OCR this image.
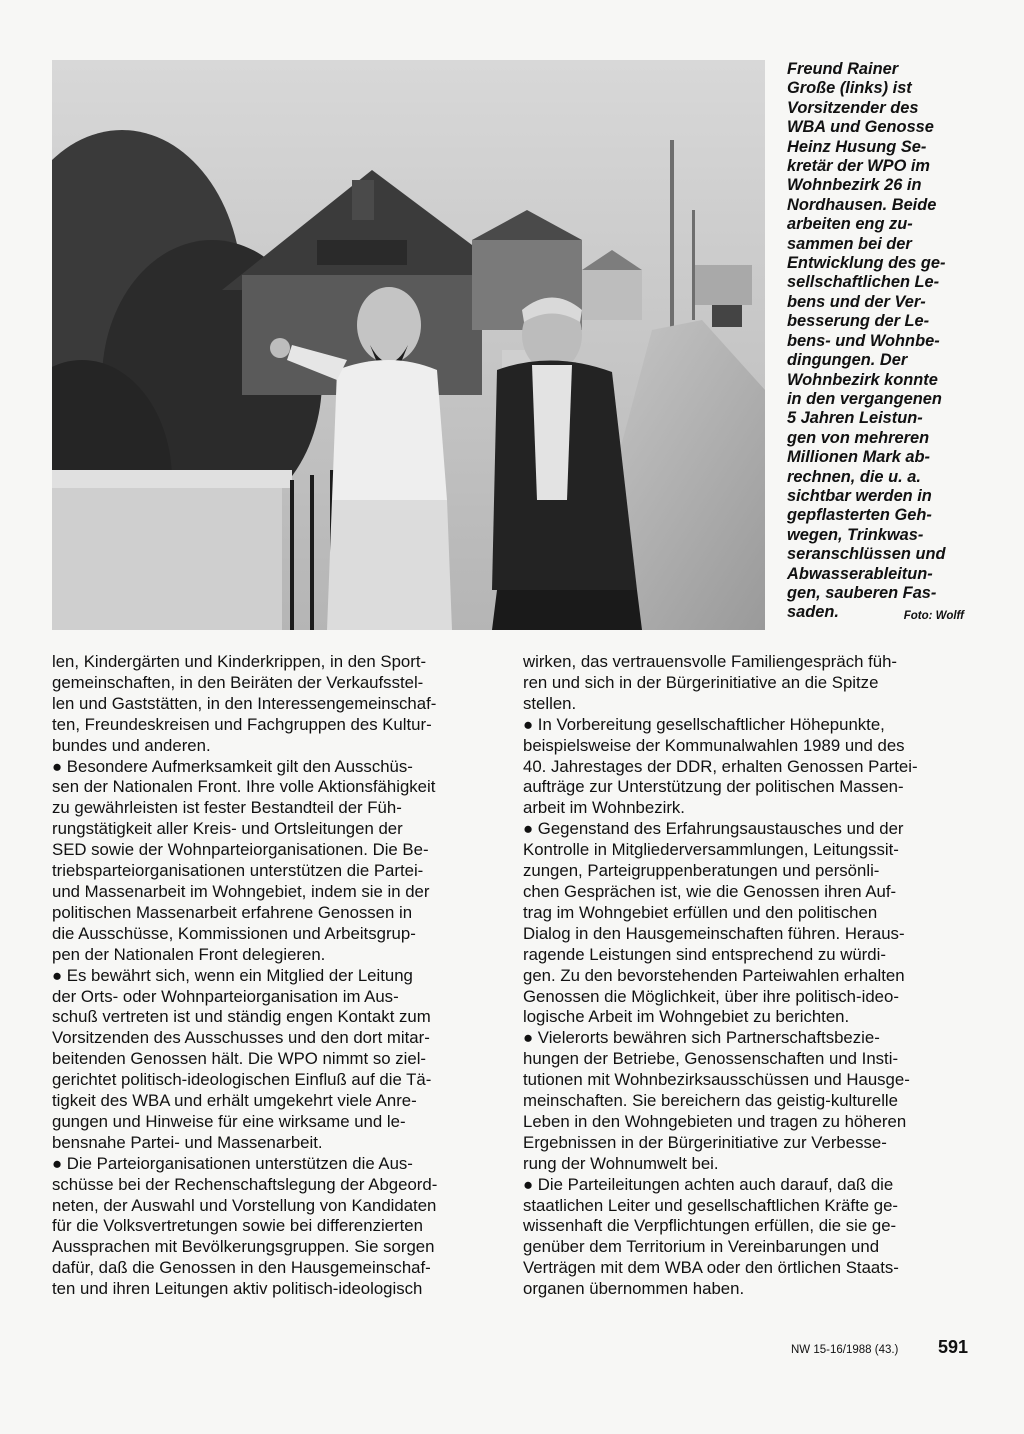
Freund Rainer
Große (links) ist
Vorsitzender des
WBA und Genosse
Heinz Husung Se-
kretär der WPO im
Wohnbezirk 26 in
Nordhausen. Beide
arbeiten eng zu-
sammen bei der
Entwicklung des ge-
sellschaftlichen Le-
bens und der Ver-
besserung der Le-
bens- und Wohnbe-
dingungen. Der
Wohnbezirk konnte
in den vergangenen
5 Jahren Leistun-
gen von mehreren
Millionen Mark ab-
rechnen, die u. a.
sichtbar werden in
gepflasterten Geh-
wegen, Trinkwas-
seranschlüssen und
Abwasserableitun-
gen, sauberen Fas-
saden.	Foto: Wolff

len, Kindergärten und Kinderkrippen, in den Sport-
gemeinschaften, in den Beiräten der Verkaufsstel-
len und Gaststätten, in den Interessengemeinschaf-
ten, Freundeskreisen und Fachgruppen des Kultur-
bundes und anderen.
● Besondere Aufmerksamkeit gilt den Ausschüs-
sen der Nationalen Front. Ihre volle Aktionsfähigkeit
zu gewährleisten ist fester Bestandteil der Füh-
rungstätigkeit aller Kreis- und Ortsleitungen der
SED sowie der Wohnparteiorganisationen. Die Be-
triebsparteiorganisationen unterstützen die Partei-
und Massenarbeit im Wohngebiet, indem sie in der
politischen Massenarbeit erfahrene Genossen in
die Ausschüsse, Kommissionen und Arbeitsgrup-
pen der Nationalen Front delegieren.
● Es bewährt sich, wenn ein Mitglied der Leitung
der Orts- oder Wohnparteiorganisation im Aus-
schuß vertreten ist und ständig engen Kontakt zum
Vorsitzenden des Ausschusses und den dort mitar-
beitenden Genossen hält. Die WPO nimmt so ziel-
gerichtet politisch-ideologischen Einfluß auf die Tä-
tigkeit des WBA und erhält umgekehrt viele Anre-
gungen und Hinweise für eine wirksame und le-
bensnahe Partei- und Massenarbeit.
● Die Parteiorganisationen unterstützen die Aus-
schüsse bei der Rechenschaftslegung der Abgeord-
neten, der Auswahl und Vorstellung von Kandidaten
für die Volksvertretungen sowie bei differenzierten
Aussprachen mit Bevölkerungsgruppen. Sie sorgen
dafür, daß die Genossen in den Hausgemeinschaf-
ten und ihren Leitungen aktiv politisch-ideologisch

wirken, das vertrauensvolle Familiengespräch füh-
ren und sich in der Bürgerinitiative an die Spitze
stellen.
● In Vorbereitung gesellschaftlicher Höhepunkte,
beispielsweise der Kommunalwahlen 1989 und des
40. Jahrestages der DDR, erhalten Genossen Partei-
aufträge zur Unterstützung der politischen Massen-
arbeit im Wohnbezirk.
● Gegenstand des Erfahrungsaustausches und der
Kontrolle in Mitgliederversammlungen, Leitungssit-
zungen, Parteigruppenberatungen und persönli-
chen Gesprächen ist, wie die Genossen ihren Auf-
trag im Wohngebiet erfüllen und den politischen
Dialog in den Hausgemeinschaften führen. Heraus-
ragende Leistungen sind entsprechend zu würdi-
gen. Zu den bevorstehenden Parteiwahlen erhalten
Genossen die Möglichkeit, über ihre politisch-ideo-
logische Arbeit im Wohngebiet zu berichten.
● Vielerorts bewähren sich Partnerschaftsbezie-
hungen der Betriebe, Genossenschaften und Insti-
tutionen mit Wohnbezirksausschüssen und Hausge-
meinschaften. Sie bereichern das geistig-kulturelle
Leben in den Wohngebieten und tragen zu höheren
Ergebnissen in der Bürgerinitiative zur Verbesse-
rung der Wohnumwelt bei.
● Die Parteileitungen achten auch darauf, daß die
staatlichen Leiter und gesellschaftlichen Kräfte ge-
wissenhaft die Verpflichtungen erfüllen, die sie ge-
genüber dem Territorium in Vereinbarungen und
Verträgen mit dem WBA oder den örtlichen Staats-
organen übernommen haben.

NW 15-16/1988 (43.) 591
